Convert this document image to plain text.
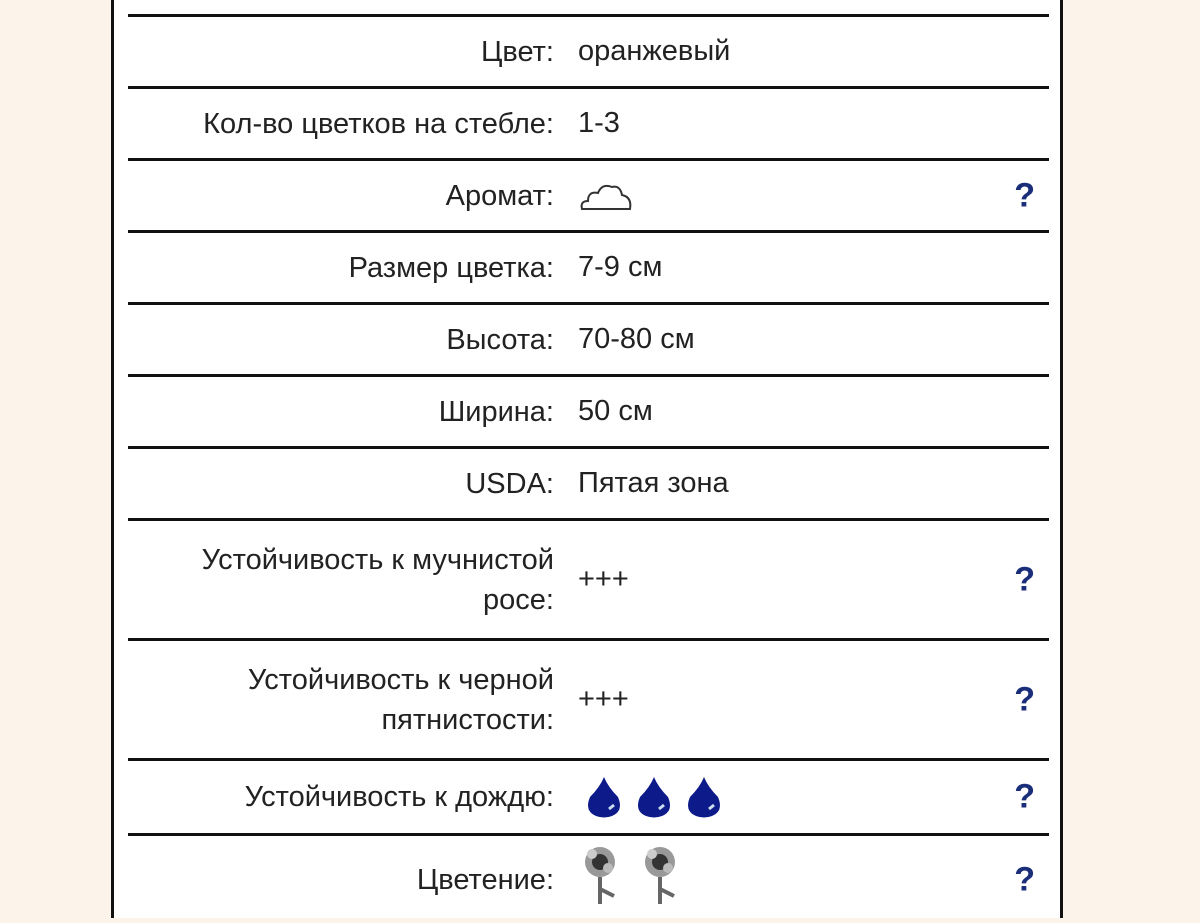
Цвет: оранжевый
Кол-во цветков на стебле: 1-3
Аромат:	?
Размер цветка: 7-9 см
Высота: 70-80 см
Ширина: 50 см
USDA: Пятая зона
Устойчивость к мучнистой росе:
+++	?
Устойчивость к черной пятнистости:
+++	?
Устойчивость к дождю:	?
Цветение:	?
